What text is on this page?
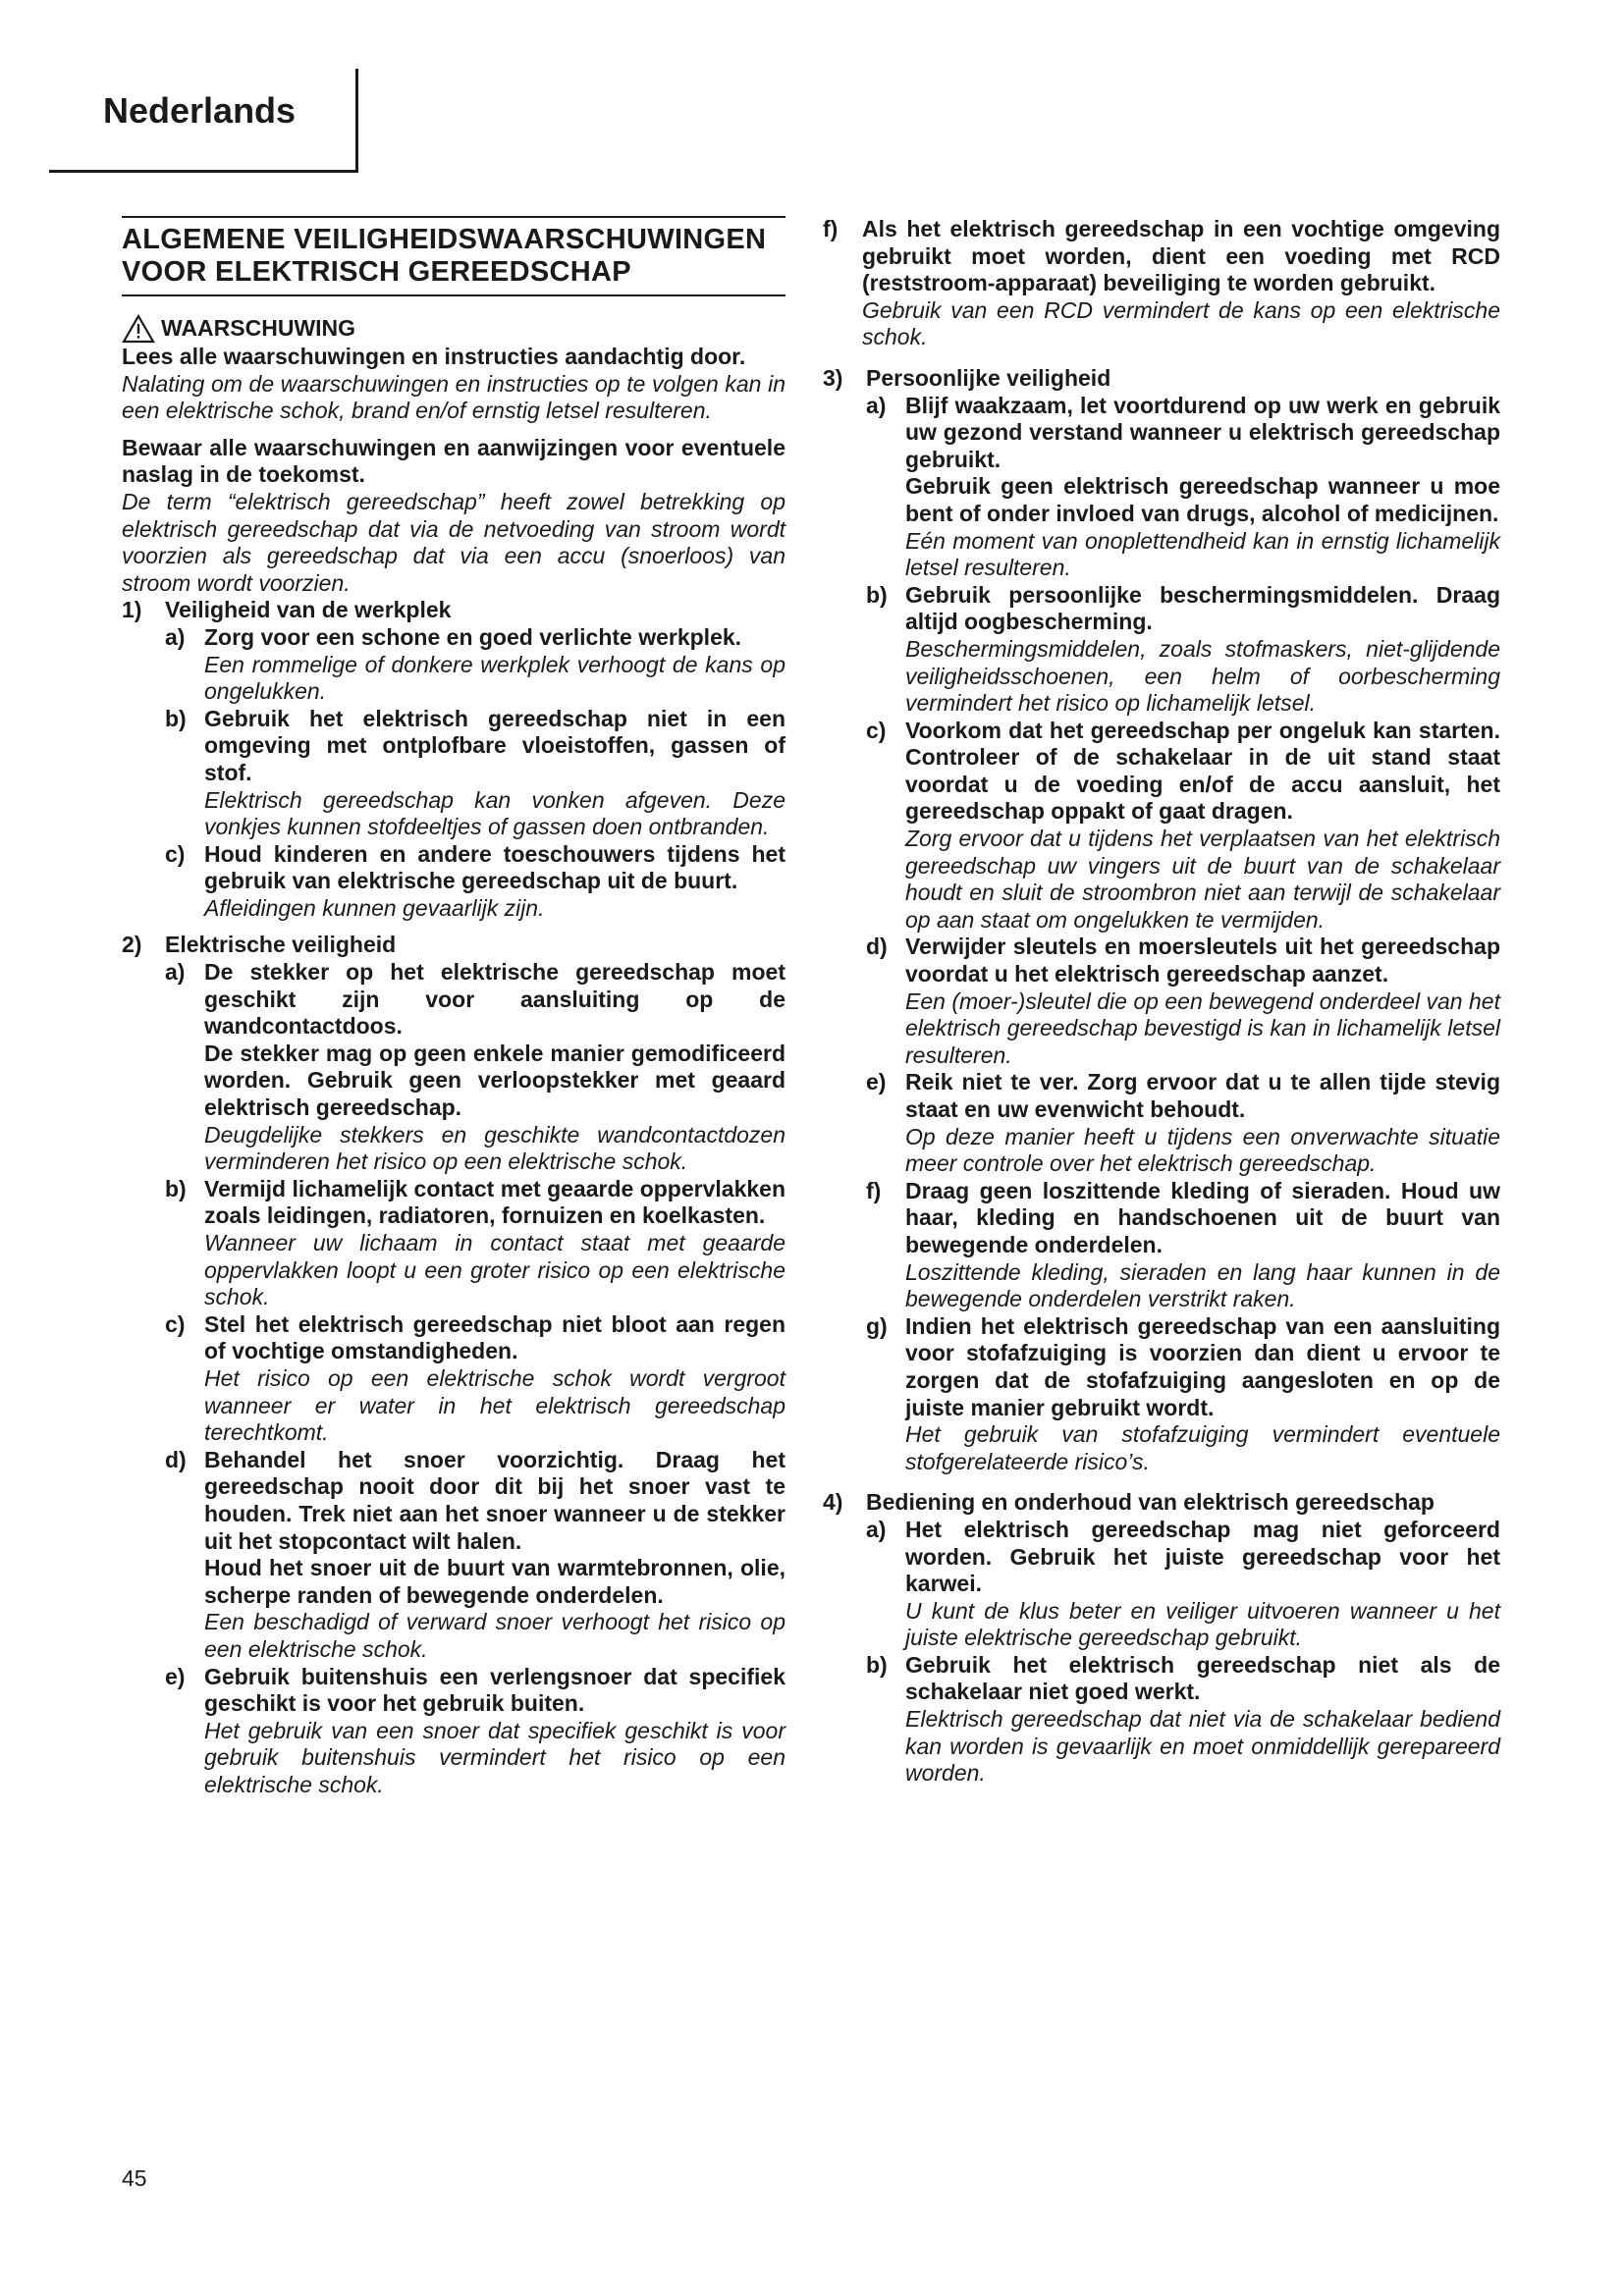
Nederlands
ALGEMENE VEILIGHEIDSWAARSCHUWINGEN
VOOR ELEKTRISCH GEREEDSCHAP
WAARSCHUWING

Lees alle waarschuwingen en instructies aandachtig door.

Nalating om de waarschuwingen en instructies op te volgen kan in een elektrische schok, brand en/of ernstig letsel resulteren.

Bewaar alle waarschuwingen en aanwijzingen voor eventuele naslag in de toekomst.

De term “elektrisch gereedschap” heeft zowel betrekking op elektrisch gereedschap dat via de netvoeding van stroom wordt voorzien als gereedschap dat via een accu (snoerloos) van stroom wordt voorzien.

1)	Veiligheid van de werkplek
a) Zorg voor een schone en goed verlichte werkplek.
Een rommelige of donkere werkplek verhoogt de kans op ongelukken.
b) Gebruik het elektrisch gereedschap niet in een omgeving met ontplofbare vloeistoffen, gassen of stof.
Elektrisch gereedschap kan vonken afgeven. Deze vonkjes kunnen stofdeeltjes of gassen doen ontbranden.
c) Houd kinderen en andere toeschouwers tijdens het gebruik van elektrische gereedschap uit de buurt.
Afleidingen kunnen gevaarlijk zijn.
2)	Elektrische veiligheid
a) De stekker op het elektrische gereedschap moet geschikt zijn voor aansluiting op de wandcontactdoos.
De stekker mag op geen enkele manier gemodificeerd worden. Gebruik geen verloopstekker met geaard elektrisch gereedschap.
Deugdelijke stekkers en geschikte wandcontactdozen verminderen het risico op een elektrische schok.
b) Vermijd lichamelijk contact met geaarde oppervlakken zoals leidingen, radiatoren, fornuizen en koelkasten.
Wanneer uw lichaam in contact staat met geaarde oppervlakken loopt u een groter risico op een elektrische schok.
c) Stel het elektrisch gereedschap niet bloot aan regen of vochtige omstandigheden.
Het risico op een elektrische schok wordt vergroot wanneer er water in het elektrisch gereedschap terechtkomt.
d) Behandel het snoer voorzichtig. Draag het gereedschap nooit door dit bij het snoer vast te houden. Trek niet aan het snoer wanneer u de stekker uit het stopcontact wilt halen.
Houd het snoer uit de buurt van warmtebronnen, olie, scherpe randen of bewegende onderdelen.
Een beschadigd of verward snoer verhoogt het risico op een elektrische schok.
e) Gebruik buitenshuis een verlengsnoer dat specifiek geschikt is voor het gebruik buiten.
Het gebruik van een snoer dat specifiek geschikt is voor gebruik buitenshuis vermindert het risico op een elektrische schok.
f)	Als het elektrisch gereedschap in een vochtige omgeving gebruikt moet worden, dient een voeding met RCD (reststroom-apparaat) beveiliging te worden gebruikt.
Gebruik van een RCD vermindert de kans op een elektrische schok.
3)	Persoonlijke veiligheid
a) Blijf waakzaam, let voortdurend op uw werk en gebruik uw gezond verstand wanneer u elektrisch gereedschap gebruikt.
Gebruik geen elektrisch gereedschap wanneer u moe bent of onder invloed van drugs, alcohol of medicijnen.
Eén moment van onoplettendheid kan in ernstig lichamelijk letsel resulteren.
b) Gebruik persoonlijke beschermingsmiddelen. Draag altijd oogbescherming.
Beschermingsmiddelen, zoals stofmaskers, niet-glijdende veiligheidsschoenen, een helm of oorbescherming vermindert het risico op lichamelijk letsel.
c) Voorkom dat het gereedschap per ongeluk kan starten. Controleer of de schakelaar in de uit stand staat voordat u de voeding en/of de accu aansluit, het gereedschap oppakt of gaat dragen.
Zorg ervoor dat u tijdens het verplaatsen van het elektrisch gereedschap uw vingers uit de buurt van de schakelaar houdt en sluit de stroombron niet aan terwijl de schakelaar op aan staat om ongelukken te vermijden.
d) Verwijder sleutels en moersleutels uit het gereedschap voordat u het elektrisch gereedschap aanzet.
Een (moer-)sleutel die op een bewegend onderdeel van het elektrisch gereedschap bevestigd is kan in lichamelijk letsel resulteren.
e) Reik niet te ver. Zorg ervoor dat u te allen tijde stevig staat en uw evenwicht behoudt.
Op deze manier heeft u tijdens een onverwachte situatie meer controle over het elektrisch gereedschap.
f)	Draag geen loszittende kleding of sieraden. Houd uw haar, kleding en handschoenen uit de buurt van bewegende onderdelen.
Loszittende kleding, sieraden en lang haar kunnen in de bewegende onderdelen verstrikt raken.
g) Indien het elektrisch gereedschap van een aansluiting voor stofafzuiging is voorzien dan dient u ervoor te zorgen dat de stofafzuiging aangesloten en op de juiste manier gebruikt wordt.
Het gebruik van stofafzuiging vermindert eventuele stofgerelateerde risico’s.
4)	Bediening en onderhoud van elektrisch gereedschap
a) Het elektrisch gereedschap mag niet geforceerd worden. Gebruik het juiste gereedschap voor het karwei.
U kunt de klus beter en veiliger uitvoeren wanneer u het juiste elektrische gereedschap gebruikt.
b) Gebruik het elektrisch gereedschap niet als de schakelaar niet goed werkt.
Elektrisch gereedschap dat niet via de schakelaar bediend kan worden is gevaarlijk en moet onmiddellijk gerepareerd worden.
45
